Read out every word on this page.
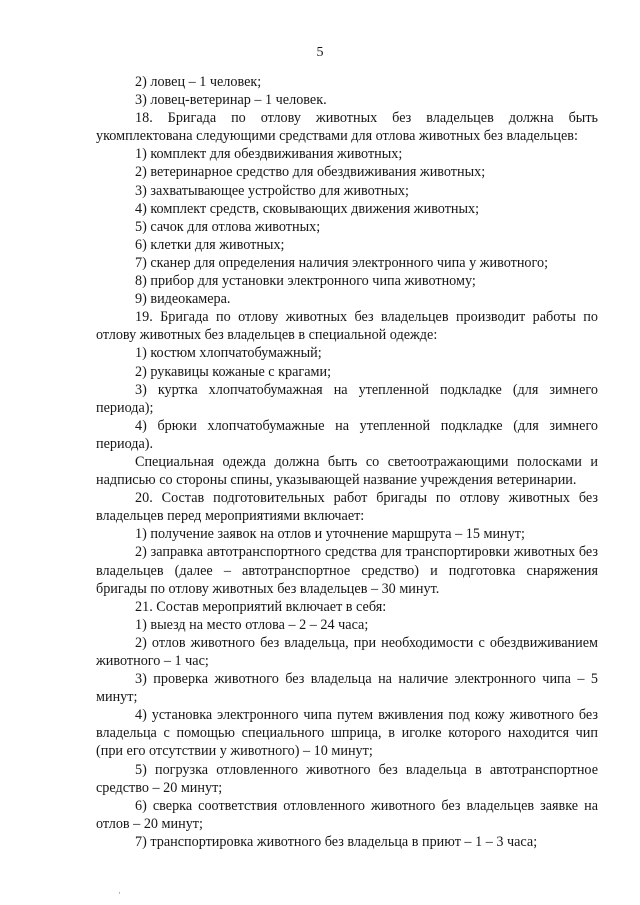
5

2) ловец – 1 человек;

3) ловец-ветеринар – 1 человек.

18. Бригада по отлову животных без владельцев должна быть укомплектована следующими средствами для отлова животных без владельцев:

1) комплект для обездвиживания животных;

2) ветеринарное средство для обездвиживания животных;

3) захватывающее устройство для животных;

4) комплект средств, сковывающих движения животных;

5) сачок для отлова животных;

6) клетки для животных;

7) сканер для определения наличия электронного чипа у животного;

8) прибор для установки электронного чипа животному;

9) видеокамера.

19. Бригада по отлову животных без владельцев производит работы по отлову животных без владельцев в специальной одежде:

1) костюм хлопчатобумажный;

2) рукавицы кожаные с крагами;

3) куртка хлопчатобумажная на утепленной подкладке (для зимнего периода);

4) брюки хлопчатобумажные на утепленной подкладке (для зимнего периода).

Специальная одежда должна быть со светоотражающими полосками и надписью со стороны спины, указывающей название учреждения ветеринарии.

20. Состав подготовительных работ бригады по отлову животных без владельцев перед мероприятиями включает:

1) получение заявок на отлов и уточнение маршрута – 15 минут;

2) заправка автотранспортного средства для транспортировки животных без владельцев (далее – автотранспортное средство) и подготовка снаряжения бригады по отлову животных без владельцев – 30 минут.

21. Состав мероприятий включает в себя:

1) выезд на место отлова – 2 – 24 часа;

2) отлов животного без владельца, при необходимости с обездвиживанием животного – 1 час;

3) проверка животного без владельца на наличие электронного чипа – 5 минут;

4) установка электронного чипа путем вживления под кожу животного без владельца с помощью специального шприца, в иголке которого находится чип (при его отсутствии у животного) – 10 минут;

5) погрузка отловленного животного без владельца в автотранспортное средство – 20 минут;

6) сверка соответствия отловленного животного без владельцев заявке на отлов – 20 минут;

7) транспортировка животного без владельца в приют – 1 – 3 часа;

·
